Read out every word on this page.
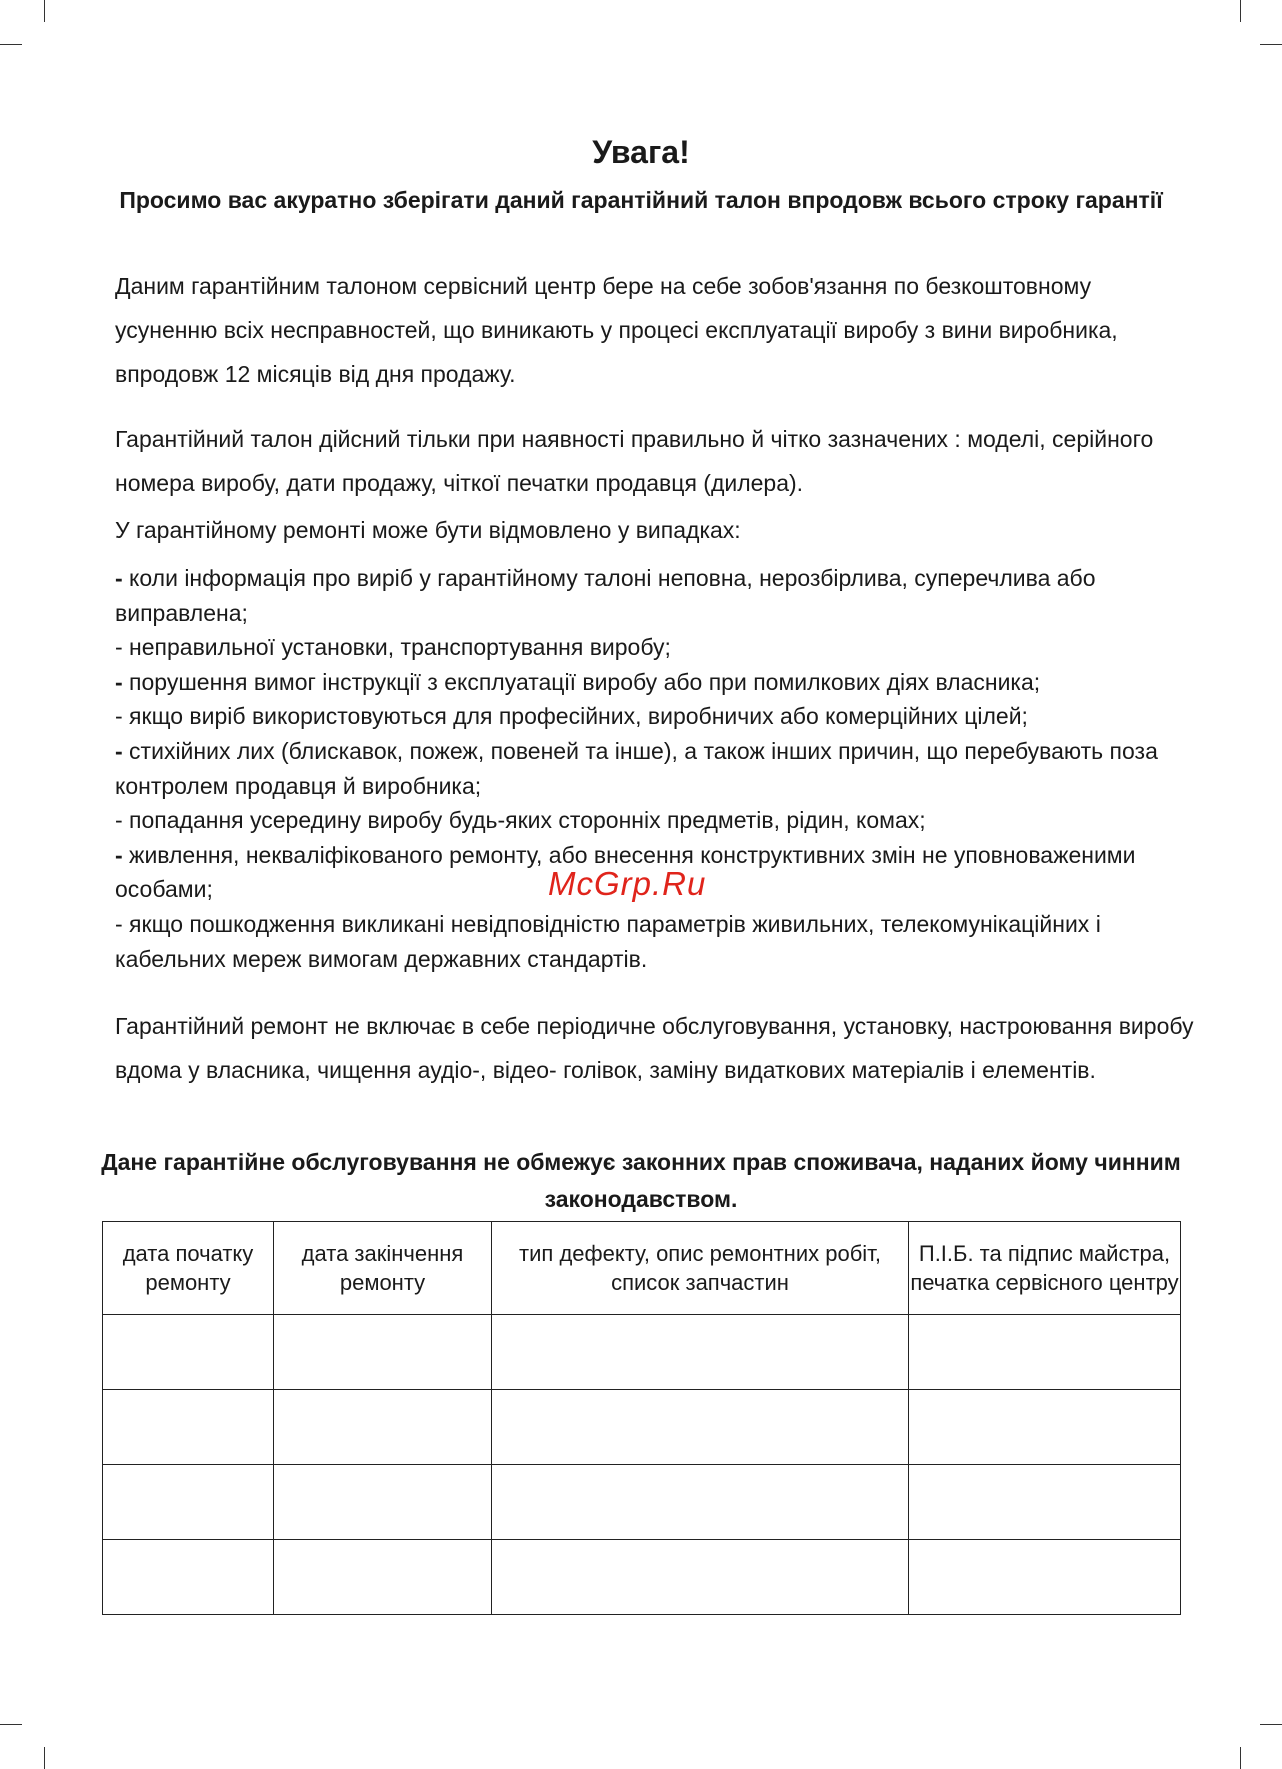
Увага!

Просимо вас акуратно зберігати даний гарантійний талон впродовж всього строку гарантії

Даним гарантійним талоном сервісний центр бере на себе зобов'язання по безкоштовному усуненню всіх несправностей, що виникають у процесі експлуатації виробу з вини виробника, впродовж 12 місяців від дня продажу.

Гарантійний талон дійсний тільки при наявності правильно й чітко зазначених : моделі, серійного номера виробу, дати продажу, чіткої печатки продавця (дилера).

У гарантійному ремонті може бути відмовлено у випадках:

- коли інформація про виріб у гарантійному талоні неповна, нерозбірлива, суперечлива або виправлена;
- неправильної установки, транспортування виробу;
- порушення вимог інструкції з експлуатації виробу або при помилкових діях власника;
- якщо виріб використовуються для професійних, виробничих або комерційних цілей;
- стихійних лих (блискавок, пожеж, повеней та інше), а також інших причин, що перебувають поза контролем продавця й виробника;
- попадання усередину виробу будь-яких сторонніх предметів, рідин, комах;
- живлення, некваліфікованого ремонту, або внесення конструктивних змін не уповноваженими особами;
- якщо пошкодження викликані невідповідністю параметрів живильних, телекомунікаційних і кабельних мереж вимогам державних стандартів.

Гарантійний ремонт не включає в себе періодичне обслуговування, установку, настроювання виробу вдома у власника, чищення аудіо-, відео- голівок, заміну видаткових матеріалів і елементів.

McGrp.Ru

Дане гарантійне обслуговування не обмежує законних прав споживача, наданих йому чинним законодавством.

дата початку ремонту	дата закінчення ремонту	тип дефекту, опис ремонтних робіт, список запчастин	П.І.Б. та підпис майстра, печатка сервісного центру
